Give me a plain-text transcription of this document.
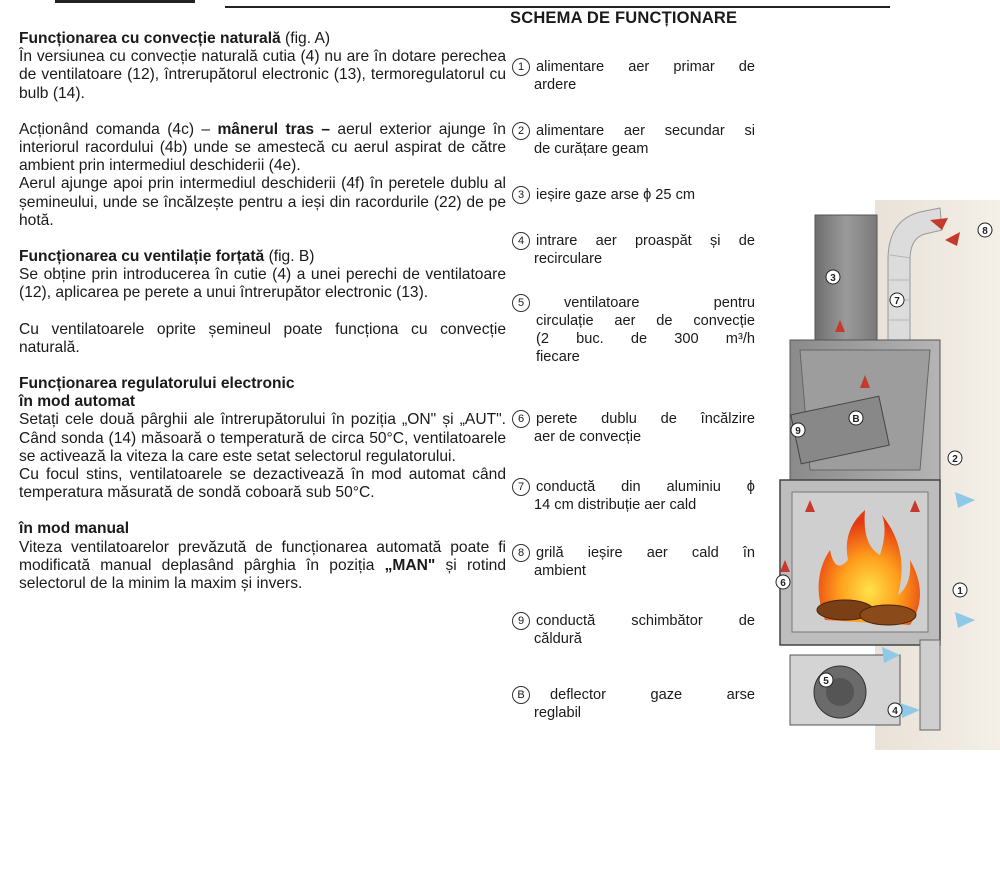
SCHEMA DE FUNCȚIONARE

Funcționarea cu convecție naturală (fig. A)

În versiunea cu convecție naturală cutia (4) nu are în dotare perechea de ventilatoare (12), întrerupătorul electronic (13), termoregulatorul cu bulb (14).

Acționând comanda (4c) – mânerul tras – aerul exterior ajunge în interiorul racordului (4b) unde se amestecă cu aerul aspirat de către ambient prin intermediul deschiderii (4e).

Aerul ajunge apoi prin intermediul deschiderii (4f) în peretele dublu al șemineului, unde se încălzește pentru a ieși din racordurile (22) de pe hotă.

Funcționarea cu ventilație forțată (fig. B)

Se obține prin introducerea în cutie (4) a unei perechi de ventilatoare (12), aplicarea pe perete a unui întrerupător electronic (13).

Cu ventilatoarele oprite șemineul poate funcționa cu convecție naturală.

Funcționarea regulatorului electronic

în mod automat

Setați cele două pârghii ale întrerupătorului în poziția „ON" și „AUT". Când sonda (14) măsoară o temperatură de circa 50°C, ventilatoarele se activează la viteza la care este setat selectorul regulatorului.

Cu focul stins, ventilatoarele se dezactivează în mod automat când temperatura măsurată de sondă coboară sub 50°C.

în mod manual

Viteza ventilatoarelor prevăzută de funcționarea automată poate fi modificată manual deplasând pârghia în poziția „MAN" și rotind selectorul de la minim la maxim și invers.

1 alimentare aer primar de
ardere
2 alimentare aer secundar si
de curățare geam
3 ieșire gaze arse ϕ 25 cm
4 intrare aer proaspăt și de
recirculare
5	ventilatoare pentru
circulație aer de convecție
(2 buc. de 300 m³/h
fiecare
6 perete dublu de încălzire
aer de convecție
7 conductă din aluminiu ϕ
14 cm distribuție aer cald
8 grilă ieșire aer cald în
ambient
9 conductă schimbător de
căldură
B	deflector gaze arse
reglabil
3
7
8
9
B
2
6
1
5
4
